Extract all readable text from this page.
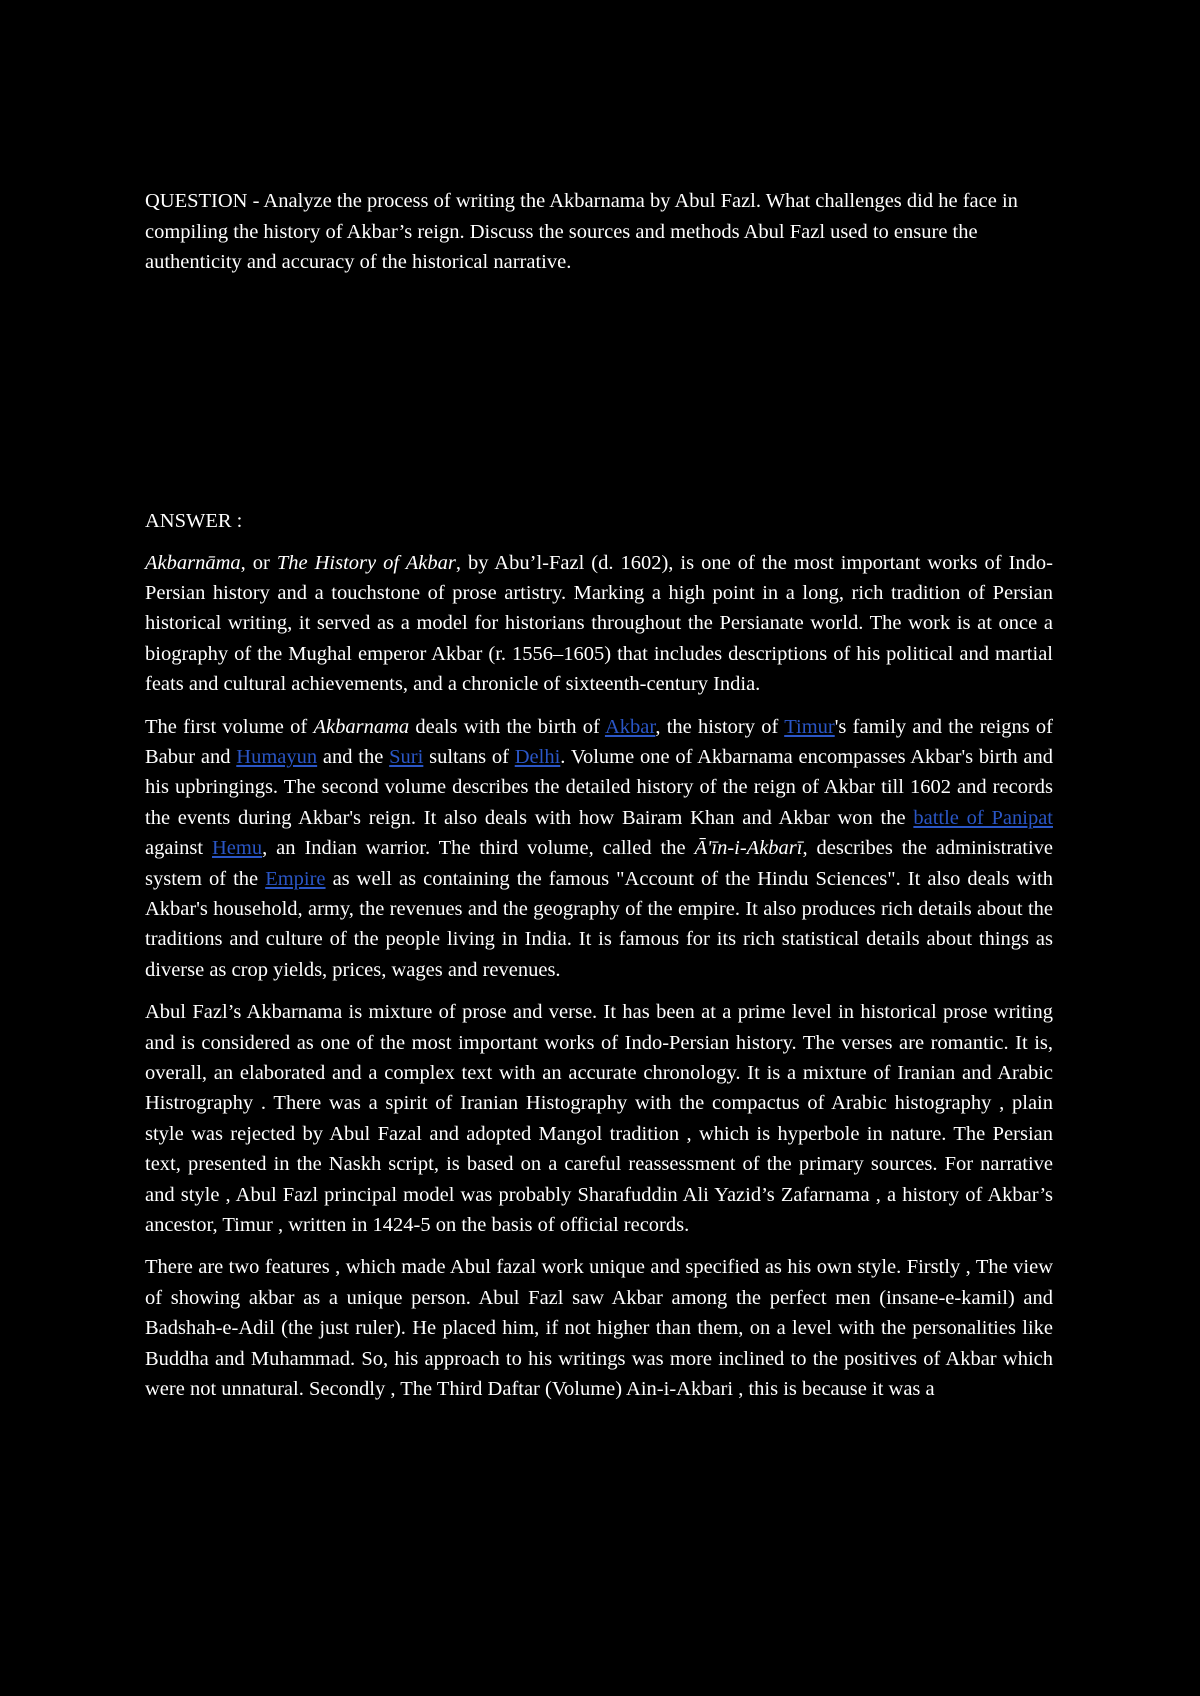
QUESTION - Analyze the process of writing the Akbarnama by Abul Fazl. What challenges did he face in compiling the history of Akbar’s reign. Discuss the sources and methods Abul Fazl used to ensure the authenticity and accuracy of the historical narrative.

ANSWER :

Akbarnāma, or The History of Akbar, by Abu’l-Fazl (d. 1602), is one of the most important works of Indo-Persian history and a touchstone of prose artistry. Marking a high point in a long, rich tradition of Persian historical writing, it served as a model for historians throughout the Persianate world. The work is at once a biography of the Mughal emperor Akbar (r. 1556–1605) that includes descriptions of his political and martial feats and cultural achievements, and a chronicle of sixteenth-century India.

The first volume of Akbarnama deals with the birth of Akbar, the history of Timur's family and the reigns of Babur and Humayun and the Suri sultans of Delhi. Volume one of Akbarnama encompasses Akbar's birth and his upbringings. The second volume describes the detailed history of the reign of Akbar till 1602 and records the events during Akbar's reign. It also deals with how Bairam Khan and Akbar won the battle of Panipat against Hemu, an Indian warrior. The third volume, called the Ā'īn-i-Akbarī, describes the administrative system of the Empire as well as containing the famous "Account of the Hindu Sciences". It also deals with Akbar's household, army, the revenues and the geography of the empire. It also produces rich details about the traditions and culture of the people living in India. It is famous for its rich statistical details about things as diverse as crop yields, prices, wages and revenues.

Abul Fazl’s Akbarnama is mixture of prose and verse. It has been at a prime level in historical prose writing and is considered as one of the most important works of Indo-Persian history. The verses are romantic. It is, overall, an elaborated and a complex text with an accurate chronology. It is a mixture of Iranian and Arabic Histrography . There was a spirit of Iranian Histography with the compactus of Arabic histography , plain style was rejected by Abul Fazal and adopted Mangol tradition , which is hyperbole in nature. The Persian text, presented in the Naskh script, is based on a careful reassessment of the primary sources. For narrative and style , Abul Fazl principal model was probably Sharafuddin Ali Yazid’s Zafarnama , a history of Akbar’s ancestor, Timur , written in 1424-5 on the basis of official records.

There are two features , which made Abul fazal work unique and specified as his own style. Firstly , The view of showing akbar as a unique person. Abul Fazl saw Akbar among the perfect men (insane-e-kamil) and Badshah-e-Adil (the just ruler). He placed him, if not higher than them, on a level with the personalities like Buddha and Muhammad. So, his approach to his writings was more inclined to the positives of Akbar which were not unnatural. Secondly , The Third Daftar (Volume) Ain-i-Akbari , this is because it was a
